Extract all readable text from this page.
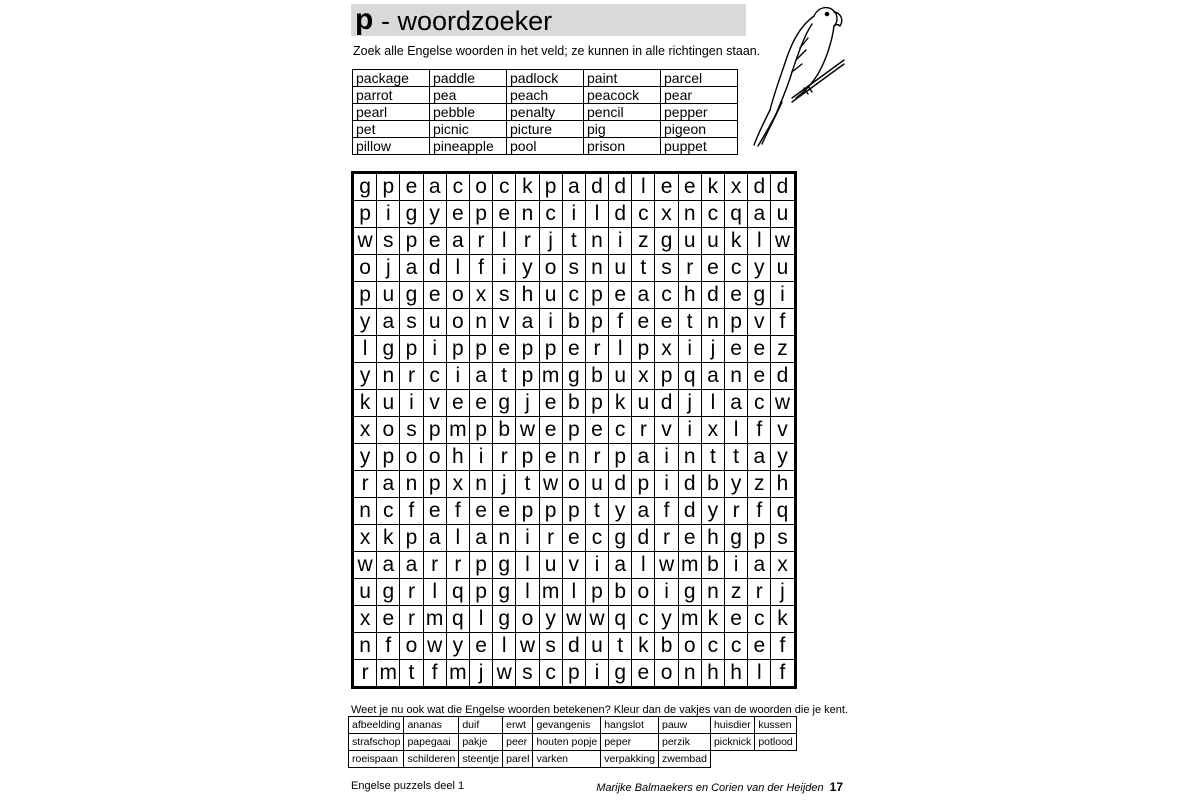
p - woordzoeker
Zoek alle Engelse woorden in het veld; ze kunnen in alle richtingen staan.
package	paddle	padlock	paint	parcel
parrot	pea	peach	peacock	pear
pearl	pebble	penalty	pencil	pepper
pet	picnic	picture	pig	pigeon
pillow	pineapple	pool	prison	puppet
g	p	e	a	c	o	c	k	p	a	d	d	l	e	e	k	x	d	d
p	i	g	y	e	p	e	n	c	i	l	d	c	x	n	c	q	a	u
w	s	p	e	a	r	l	r	j	t	n	i	z	g	u	u	k	l	w
o	j	a	d	l	f	i	y	o	s	n	u	t	s	r	e	c	y	u
p	u	g	e	o	x	s	h	u	c	p	e	a	c	h	d	e	g	i
y	a	s	u	o	n	v	a	i	b	p	f	e	e	t	n	p	v	f
l	g	p	i	p	p	e	p	p	e	r	l	p	x	i	j	e	e	z
y	n	r	c	i	a	t	p	m	g	b	u	x	p	q	a	n	e	d
k	u	i	v	e	e	g	j	e	b	p	k	u	d	j	l	a	c	w
x	o	s	p	m	p	b	w	e	p	e	c	r	v	i	x	l	f	v
y	p	o	o	h	i	r	p	e	n	r	p	a	i	n	t	t	a	y
r	a	n	p	x	n	j	t	w	o	u	d	p	i	d	b	y	z	h
n	c	f	e	f	e	e	p	p	p	t	y	a	f	d	y	r	f	q
x	k	p	a	l	a	n	i	r	e	c	g	d	r	e	h	g	p	s
w	a	a	r	r	p	g	l	u	v	i	a	l	w	m	b	i	a	x
u	g	r	l	q	p	g	l	m	l	p	b	o	i	g	n	z	r	j
x	e	r	m	q	l	g	o	y	w	w	q	c	y	m	k	e	c	k
n	f	o	w	y	e	l	w	s	d	u	t	k	b	o	c	c	e	f
r	m	t	f	m	j	w	s	c	p	i	g	e	o	n	h	h	l	f
Weet je nu ook wat die Engelse woorden betekenen? Kleur dan de vakjes van de woorden die je kent.
afbeelding	ananas	duif	erwt	gevangenis	hangslot	pauw	huisdier	kussen
strafschop	papegaai	pakje	peer	houten popje	peper	perzik	picknick	potlood
roeispaan	schilderen	steentje	parel	varken	verpakking	zwembad		
Engelse puzzels deel 1	Marijke Balmaekers en Corien van der Heijden 17
